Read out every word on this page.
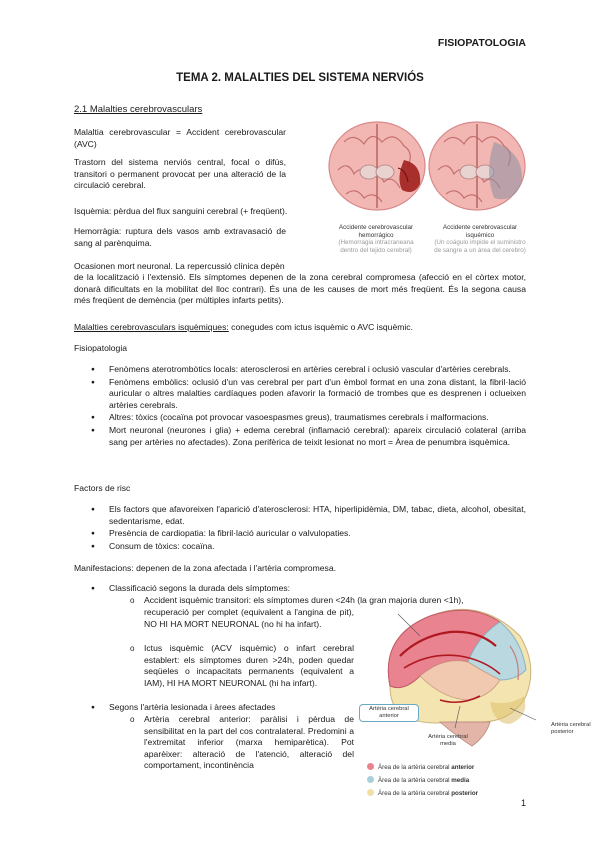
FISIOPATOLOGIA
TEMA 2. MALALTIES DEL SISTEMA NERVIÓS
2.1 Malalties cerebrovasculars
Malaltia cerebrovascular = Accident cerebrovascular (AVC)
Trastorn del sistema nerviós central, focal o difús, transitori o permanent provocat per una alteració de la circulació cerebral.
Isquèmia: pèrdua del flux sanguini cerebral (+ freqüent).
Hemorràgia: ruptura dels vasos amb extravasació de sang al parènquima.
Ocasionen mort neuronal. La repercussió clínica depèn
de la localització i l'extensió. Els símptomes depenen de la zona cerebral compromesa (afecció en el còrtex motor, donarà dificultats en la mobilitat del lloc contrari). És una de les causes de mort més freqüent. És la segona causa més freqüent de demència (per múltiples infarts petits).
Accidente cerebrovascular hemorrágico
(Hemorragia intracraneana dentro del tejido cerebral)
Accidente cerebrovascular isquémico
(Un coágulo impide el suministro de sangre a un área del cerebro)
Malalties cerebrovasculars isquèmiques: conegudes com ictus isquèmic o AVC isquèmic.
Fisiopatologia
● Fenòmens aterotrombòtics locals: aterosclerosi en artèries cerebral i oclusió vascular d'artèries cerebrals.
● Fenòmens embòlics: oclusió d'un vas cerebral per part d'un èmbol format en una zona distant, la fibril·lació auricular o altres malalties cardíaques poden afavorir la formació de trombes que es desprenen i oclueixen artèries cerebrals.
● Altres: tòxics (cocaïna pot provocar vasoespasmes greus), traumatismes cerebrals i malformacions.
● Mort neuronal (neurones i glia) + edema cerebral (inflamació cerebral): apareix circulació colateral (arriba sang per artèries no afectades). Zona perifèrica de teixit lesionat no mort = Àrea de penumbra isquèmica.
Factors de risc
● Els factors que afavoreixen l'aparició d'aterosclerosi: HTA, hiperlipidèmia, DM, tabac, dieta, alcohol, obesitat, sedentarisme, edat.
● Presència de cardiopatia: la fibril·lació auricular o valvulopaties.
● Consum de tòxics: cocaïna.
Manifestacions: depenen de la zona afectada i l'artèria compromesa.
● Classificació segons la durada dels símptomes:
o Accident isquèmic transitori: els símptomes duren <24h (la gran majoria duren <1h),
recuperació per complet (equivalent a l'angina de pit), NO HI HA MORT NEURONAL (no hi ha infart).
o Ictus isquèmic (ACV isquèmic) o infart cerebral establert: els símptomes duren >24h, poden quedar seqüeles o incapacitats permanents (equivalent a IAM), HI HA MORT NEURONAL (hi ha infart).
● Segons l'artèria lesionada i àrees afectades
o Artèria cerebral anterior: paràlisi i pèrdua de sensibilitat en la part del cos contralateral. Predomini a l'extremitat inferior (marxa hemiparètica). Pot aparèixer: alteració de l'atenció, alteració del comportament, incontinència
Artèria cerebral anterior
Artèria cerebral media
Artèria cerebral posterior
Àrea de la artèria cerebral anterior
Àrea de la artèria cerebral media
Àrea de la artèria cerebral posterior
1
